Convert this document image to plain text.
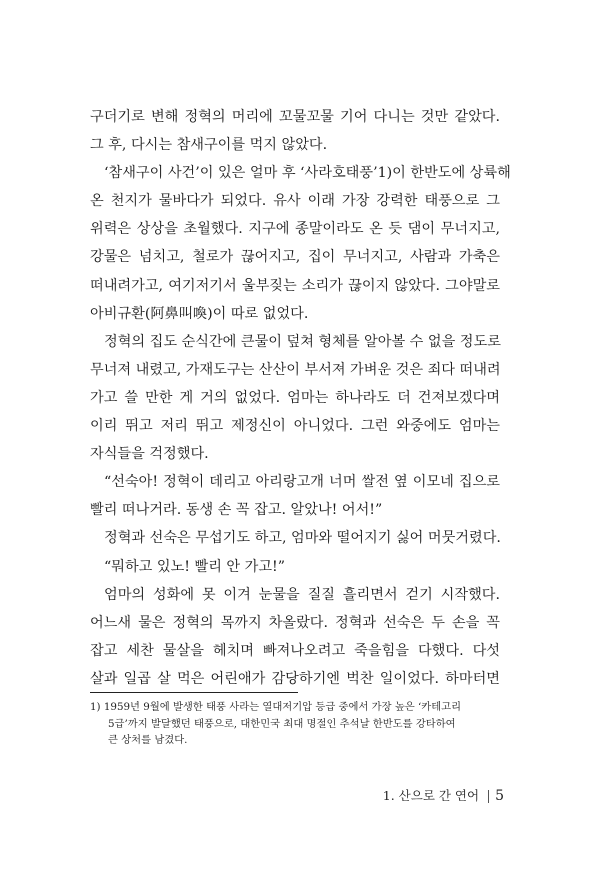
구더기로 변해 정혁의 머리에 꼬물꼬물 기어 다니는 것만 같았다.
그 후, 다시는 참새구이를 먹지 않았다.
‘참새구이 사건’이 있은 얼마 후 ‘사라호태풍’1)이 한반도에 상륙해
온 천지가 물바다가 되었다. 유사 이래 가장 강력한 태풍으로 그
위력은 상상을 초월했다. 지구에 종말이라도 온 듯 댐이 무너지고,
강물은 넘치고, 철로가 끊어지고, 집이 무너지고, 사람과 가축은
떠내려가고, 여기저기서 울부짖는 소리가 끊이지 않았다. 그야말로
아비규환(阿鼻叫喚)이 따로 없었다.
정혁의 집도 순식간에 큰물이 덮쳐 형체를 알아볼 수 없을 정도로
무너져 내렸고, 가재도구는 산산이 부서져 가벼운 것은 죄다 떠내려
가고 쓸 만한 게 거의 없었다. 엄마는 하나라도 더 건져보겠다며
이리 뛰고 저리 뛰고 제정신이 아니었다. 그런 와중에도 엄마는
자식들을 걱정했다.
“선숙아! 정혁이 데리고 아리랑고개 너머 쌀전 옆 이모네 집으로
빨리 떠나거라. 동생 손 꼭 잡고. 알았나! 어서!”
정혁과 선숙은 무섭기도 하고, 엄마와 떨어지기 싫어 머뭇거렸다.
“뭐하고 있노! 빨리 안 가고!”
엄마의 성화에 못 이겨 눈물을 질질 흘리면서 걷기 시작했다.
어느새 물은 정혁의 목까지 차올랐다. 정혁과 선숙은 두 손을 꼭
잡고 세찬 물살을 헤치며 빠져나오려고 죽을힘을 다했다. 다섯
살과 일곱 살 먹은 어린애가 감당하기엔 벅찬 일이었다. 하마터면
1) 1959년 9월에 발생한 태풍 사라는 열대저기압 등급 중에서 가장 높은 ‘카테고리
5급’까지 발달했던 태풍으로, 대한민국 최대 명절인 추석날 한반도를 강타하여
큰 상처를 남겼다.
1. 산으로 간 연어 5
